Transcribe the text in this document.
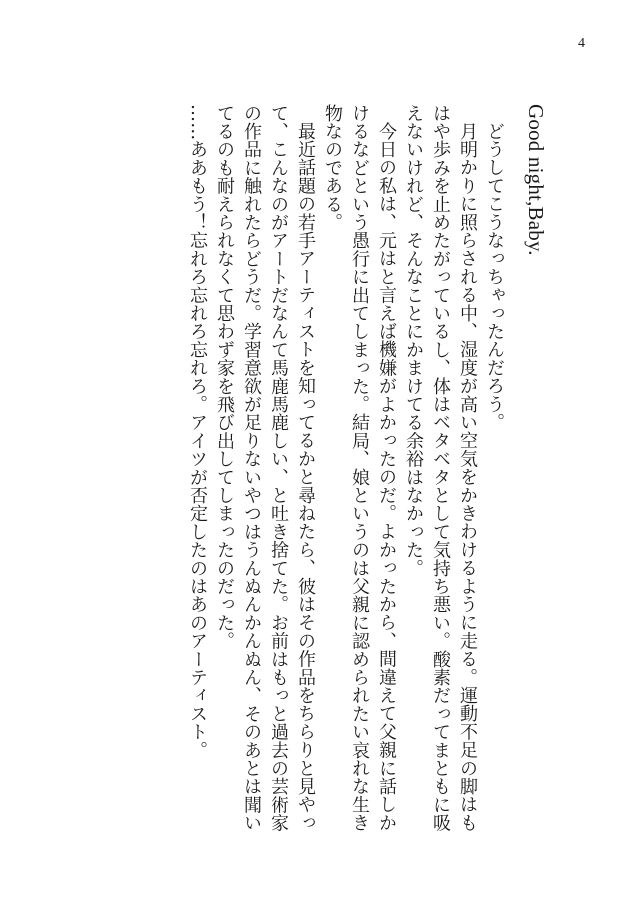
4

Good night,Baby.

どうしてこうなっちゃったんだろう。

月明かりに照らされる中、湿度が高い空気をかきわけるように走る。運動不足の脚はもはや歩みを止めたがっているし、体はベタベタとして気持ち悪い。酸素だってまともに吸えないけれど、そんなことにかまけてる余裕はなかった。

今日の私は、元はと言えば機嫌がよかったのだ。よかったから、間違えて父親に話しかけるなどという愚行に出てしまった。結局、娘というのは父親に認められたい哀れな生き物なのである。

最近話題の若手アーティストを知ってるかと尋ねたら、彼はその作品をちらりと見やって、こんなのがアートだなんて馬鹿馬鹿しい、と吐き捨てた。お前はもっと過去の芸術家の作品に触れたらどうだ。学習意欲が足りないやつはうんぬんかんぬん、そのあとは聞いてるのも耐えられなくて思わず家を飛び出してしまったのだった。

……ああもう！忘れろ忘れろ忘れろ。アイツが否定したのはあのアーティスト。
